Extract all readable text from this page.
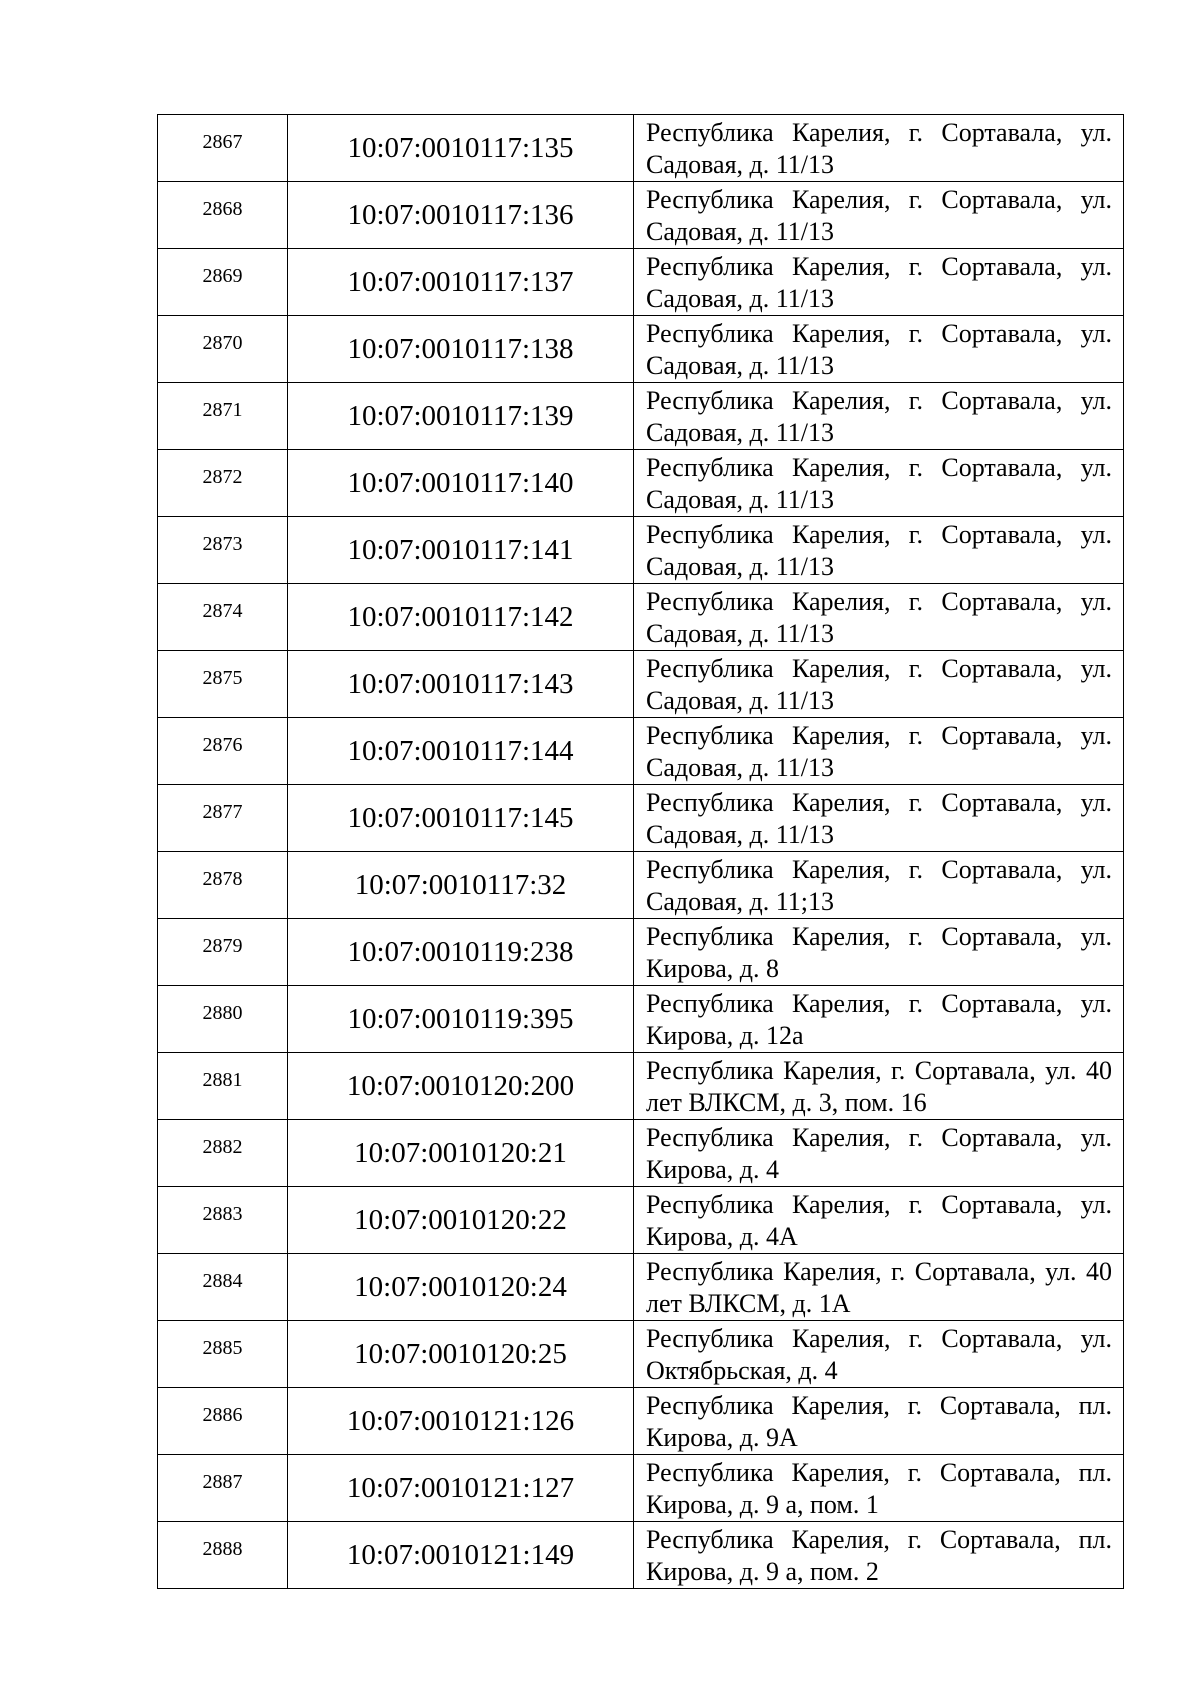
2867	10:07:0010117:135	Республика Карелия, г. Сортавала, ул. Садовая, д. 11/13

2868	10:07:0010117:136	Республика Карелия, г. Сортавала, ул. Садовая, д. 11/13

2869	10:07:0010117:137	Республика Карелия, г. Сортавала, ул. Садовая, д. 11/13

2870	10:07:0010117:138	Республика Карелия, г. Сортавала, ул. Садовая, д. 11/13

2871	10:07:0010117:139	Республика Карелия, г. Сортавала, ул. Садовая, д. 11/13

2872	10:07:0010117:140	Республика Карелия, г. Сортавала, ул. Садовая, д. 11/13

2873	10:07:0010117:141	Республика Карелия, г. Сортавала, ул. Садовая, д. 11/13

2874	10:07:0010117:142	Республика Карелия, г. Сортавала, ул. Садовая, д. 11/13

2875	10:07:0010117:143	Республика Карелия, г. Сортавала, ул. Садовая, д. 11/13

2876	10:07:0010117:144	Республика Карелия, г. Сортавала, ул. Садовая, д. 11/13

2877	10:07:0010117:145	Республика Карелия, г. Сортавала, ул. Садовая, д. 11/13

2878	10:07:0010117:32	Республика Карелия, г. Сортавала, ул. Садовая, д. 11;13

2879	10:07:0010119:238	Республика Карелия, г. Сортавала, ул. Кирова, д. 8

2880	10:07:0010119:395	Республика Карелия, г. Сортавала, ул. Кирова, д. 12а

2881	10:07:0010120:200	Республика Карелия, г. Сортавала, ул. 40 лет ВЛКСМ, д. 3, пом. 16

2882	10:07:0010120:21	Республика Карелия, г. Сортавала, ул. Кирова, д. 4

2883	10:07:0010120:22	Республика Карелия, г. Сортавала, ул. Кирова, д. 4А

2884	10:07:0010120:24	Республика Карелия, г. Сортавала, ул. 40 лет ВЛКСМ, д. 1А

2885	10:07:0010120:25	Республика Карелия, г. Сортавала, ул. Октябрьская, д. 4

2886	10:07:0010121:126	Республика Карелия, г. Сортавала, пл. Кирова, д. 9А

2887	10:07:0010121:127	Республика Карелия, г. Сортавала, пл. Кирова, д. 9 а, пом. 1

2888	10:07:0010121:149	Республика Карелия, г. Сортавала, пл. Кирова, д. 9 а, пом. 2
